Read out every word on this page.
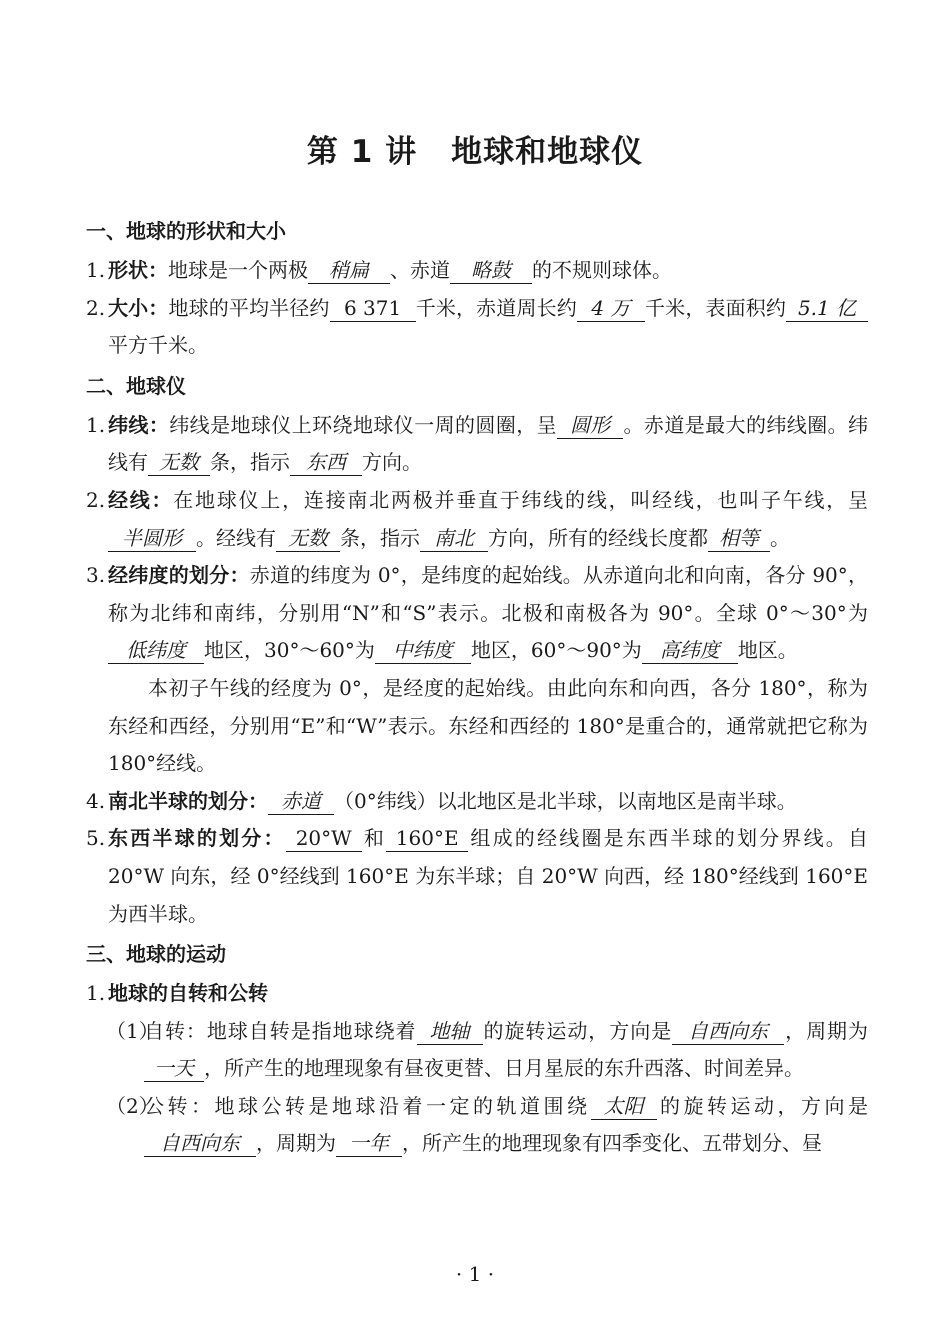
第 1 讲 地球和地球仪

一、地球的形状和大小

1. 形状：地球是一个两极 稍扁 、赤道 略鼓 的不规则球体。

2. 大小：地球的平均半径约 6 371 千米，赤道周长约 4 万 千米，表面积约 5.1 亿平方千米。

二、地球仪

1. 纬线：纬线是地球仪上环绕地球仪一周的圆圈，呈 圆形 。赤道是最大的纬线圈。纬线有 无数 条，指示 东西 方向。

2. 经线：在地球仪上，连接南北两极并垂直于纬线的线，叫经线，也叫子午线，呈半圆形 。经线有 无数 条，指示 南北 方向，所有的经线长度都 相等 。

3. 经纬度的划分：赤道的纬度为 0°，是纬度的起始线。从赤道向北和向南，各分 90°，称为北纬和南纬，分别用“N”和“S”表示。北极和南极各为 90°。全球 0°～30°为低纬度 地区，30°～60°为 中纬度 地区，60°～90°为 高纬度 地区。

本初子午线的经度为 0°，是经度的起始线。由此向东和向西，各分 180°，称为东经和西经，分别用“E”和“W”表示。东经和西经的 180°是重合的，通常就把它称为 180°经线。

4. 南北半球的划分： 赤道 （0°纬线）以北地区是北半球，以南地区是南半球。

5. 东西半球的划分： 20°W 和 160°E 组成的经线圈是东西半球的划分界线。自 20°W 向东，经 0°经线到 160°E 为东半球；自 20°W 向西，经 180°经线到 160°E 为西半球。

三、地球的运动

1. 地球的自转和公转

（1）
自转：地球自转是指地球绕着 地轴 的旋转运动，方向是 自西向东 ，周期为一天 ，所产生的地理现象有昼夜更替、日月星辰的东升西落、时间差异。

（2）
公转：地球公转是地球沿着一定的轨道围绕 太阳 的旋转运动，方向是自西向东 ，周期为 一年 ，所产生的地理现象有四季变化、五带划分、昼

· 1 ·
